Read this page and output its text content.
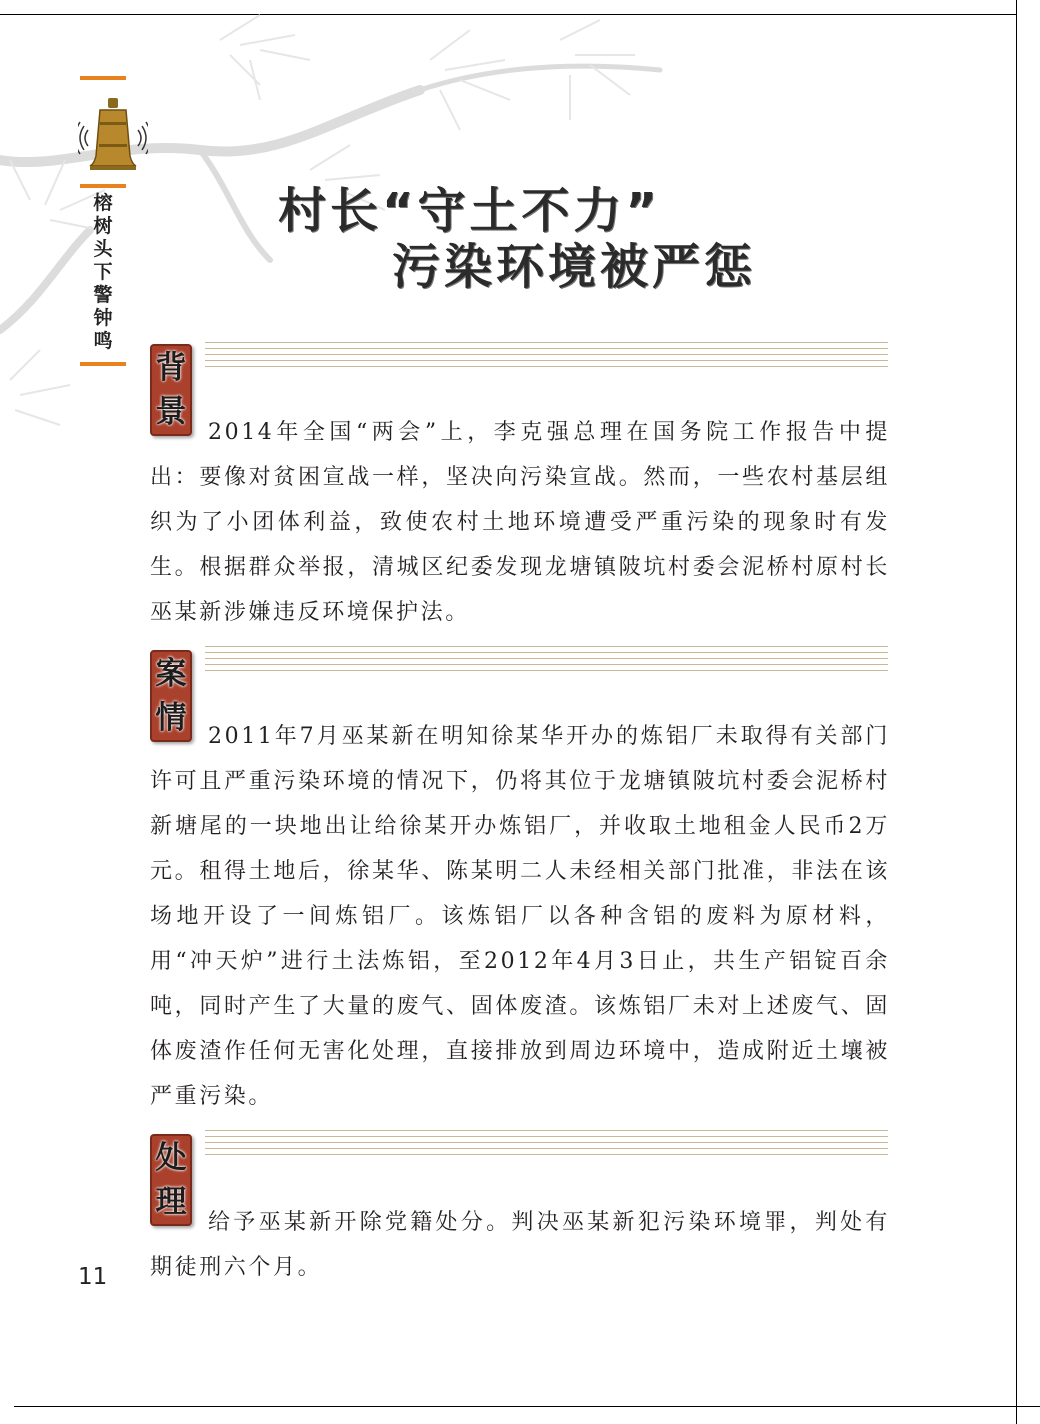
榕树头下警钟鸣
村长“守土不力”
污染环境被严惩
背
景
2014年全国“两会”上，李克强总理在国务院工作报告中提出：要像对贫困宣战一样，坚决向污染宣战。然而，一些农村基层组织为了小团体利益，致使农村土地环境遭受严重污染的现象时有发生。根据群众举报，清城区纪委发现龙塘镇陂坑村委会泥桥村原村长巫某新涉嫌违反环境保护法。
案
情
2011年7月巫某新在明知徐某华开办的炼铝厂未取得有关部门许可且严重污染环境的情况下，仍将其位于龙塘镇陂坑村委会泥桥村新塘尾的一块地出让给徐某开办炼铝厂，并收取土地租金人民币2万元。租得土地后，徐某华、陈某明二人未经相关部门批准，非法在该场地开设了一间炼铝厂。该炼铝厂以各种含铝的废料为原材料，用“冲天炉”进行土法炼铝，至2012年4月3日止，共生产铝锭百余吨，同时产生了大量的废气、固体废渣。该炼铝厂未对上述废气、固体废渣作任何无害化处理，直接排放到周边环境中，造成附近土壤被严重污染。
处
理
给予巫某新开除党籍处分。判决巫某新犯污染环境罪，判处有期徒刑六个月。
11
